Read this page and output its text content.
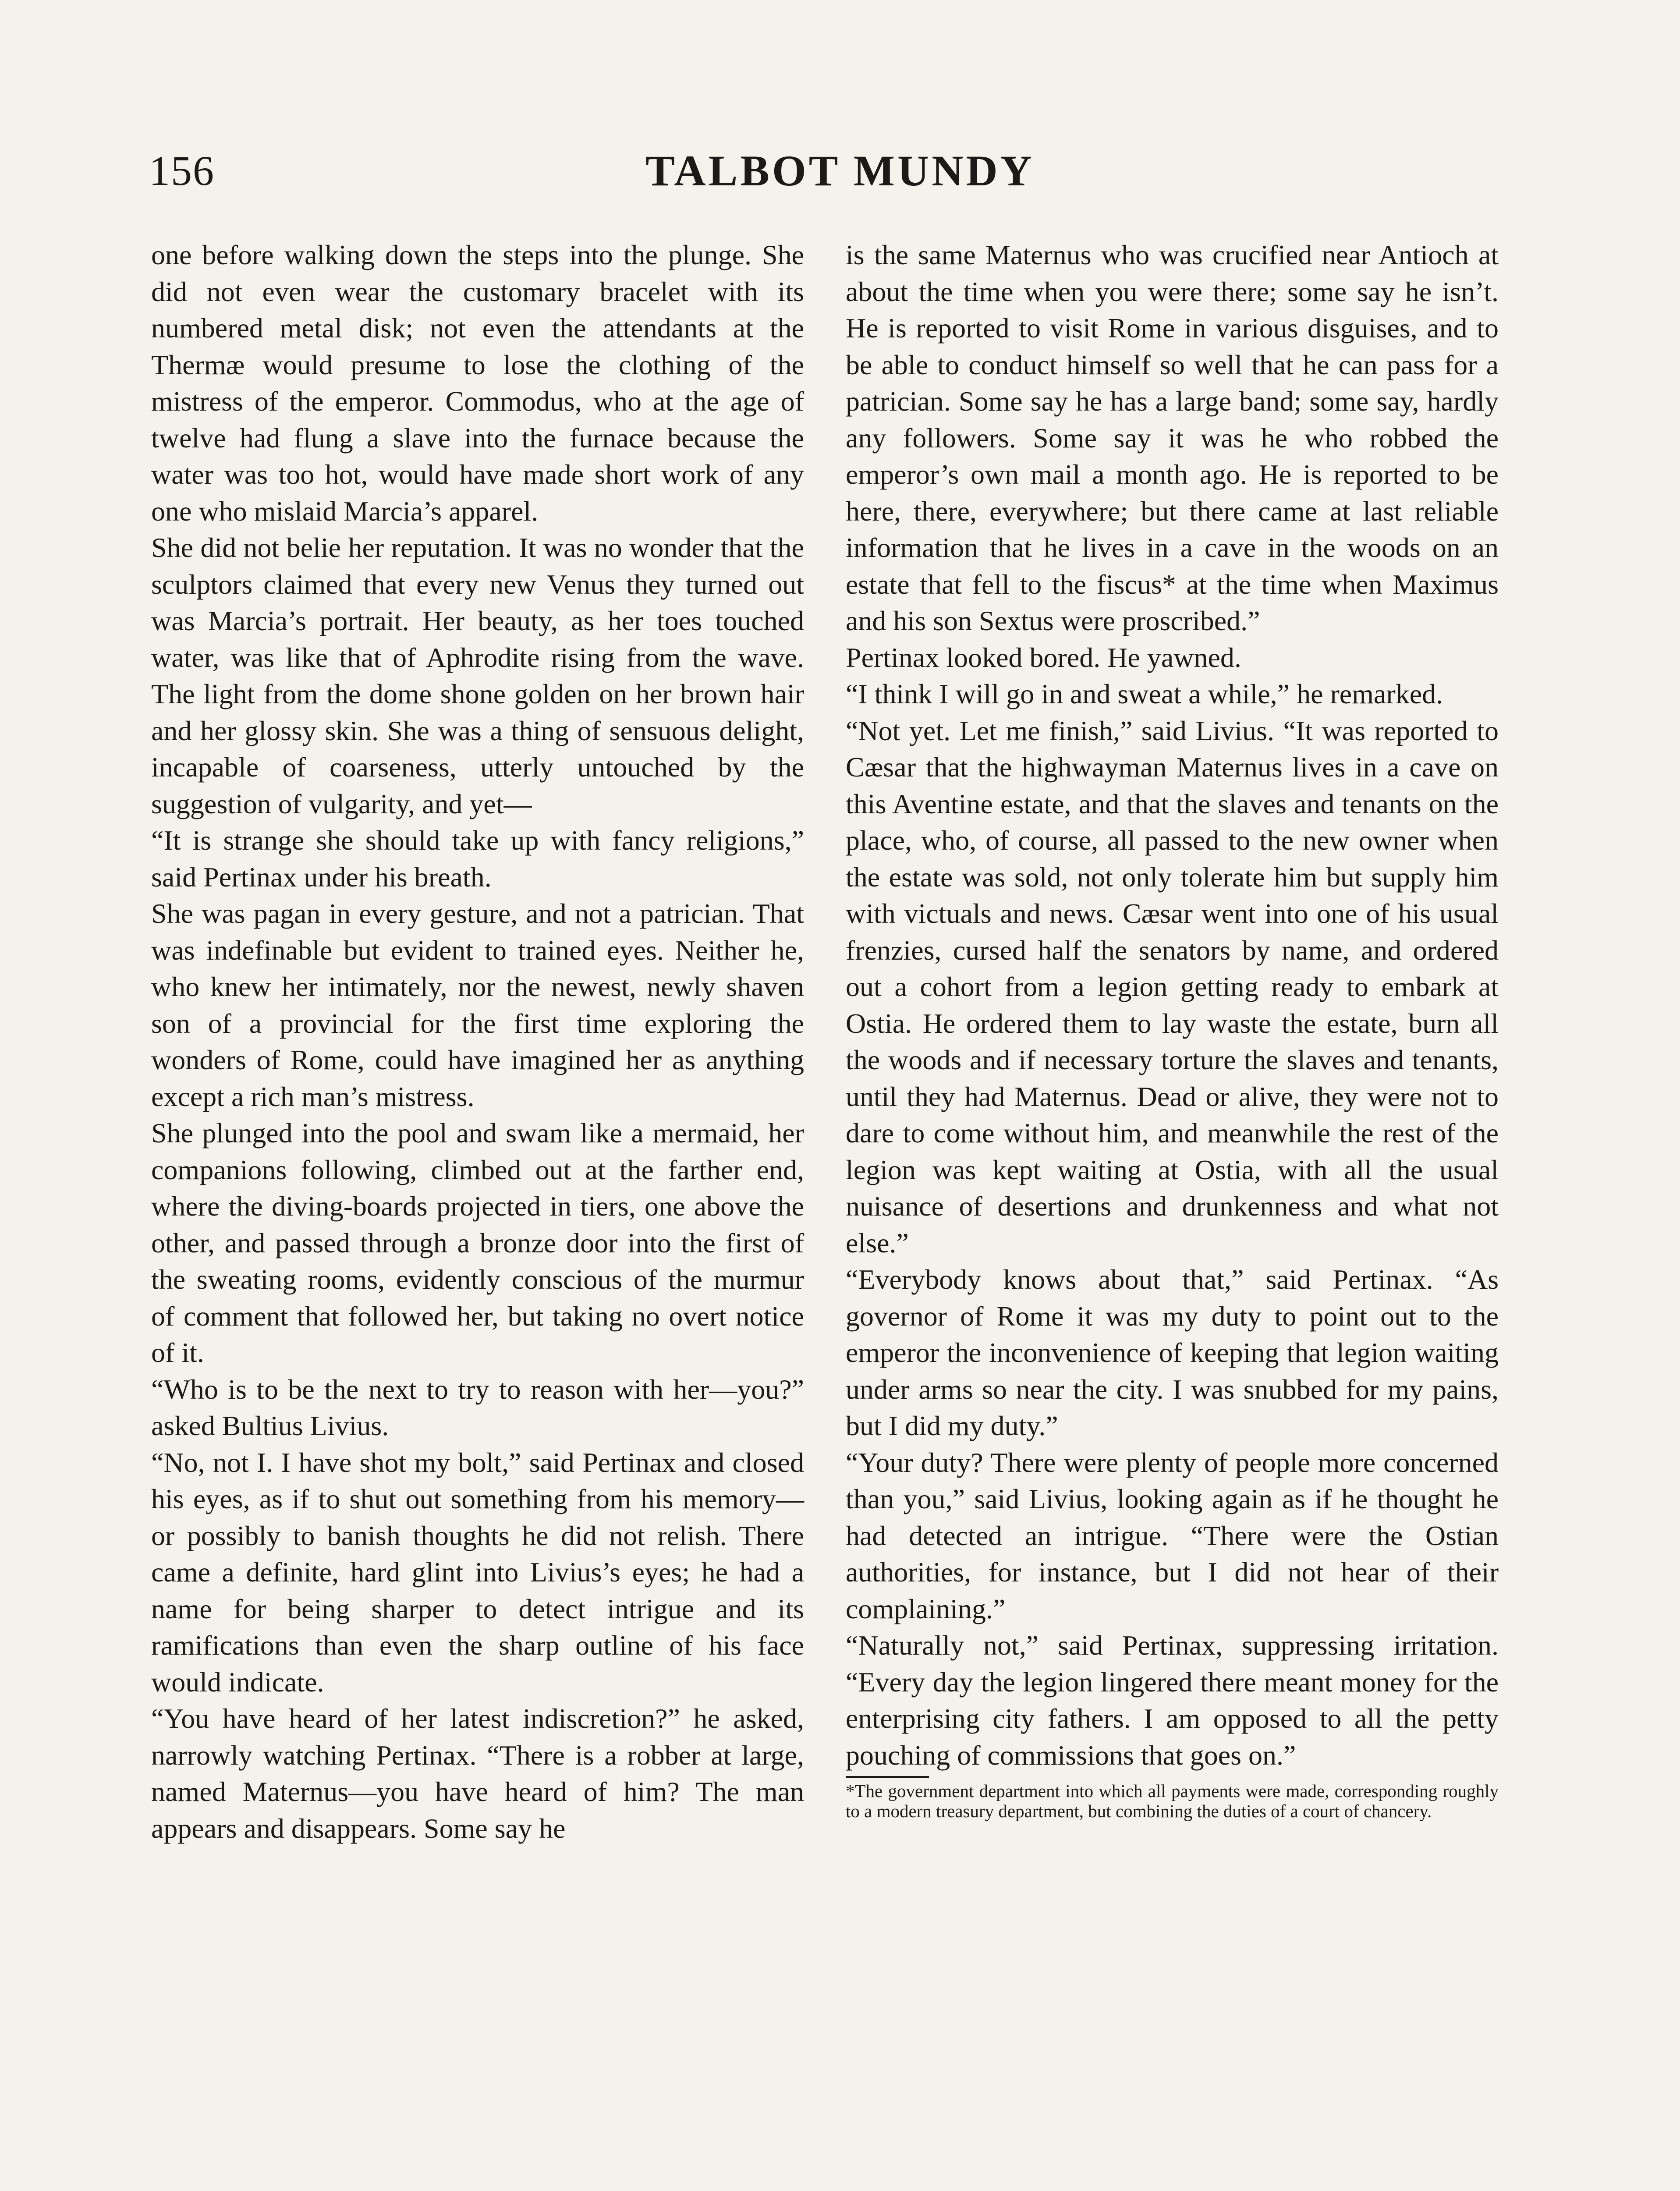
156	TALBOT MUNDY

one before walking down the steps into the plunge. She did not even wear the customary bracelet with its numbered metal disk; not even the attendants at the Thermæ would presume to lose the clothing of the mistress of the emperor. Commodus, who at the age of twelve had flung a slave into the furnace because the water was too hot, would have made short work of any one who mislaid Marcia’s apparel.

She did not belie her reputation. It was no wonder that the sculptors claimed that every new Venus they turned out was Marcia’s portrait. Her beauty, as her toes touched water, was like that of Aphrodite rising from the wave. The light from the dome shone golden on her brown hair and her glossy skin. She was a thing of sensuous delight, incapable of coarseness, utterly untouched by the suggestion of vulgarity, and yet—

“It is strange she should take up with fancy religions,” said Pertinax under his breath.

She was pagan in every gesture, and not a patrician. That was indefinable but evident to trained eyes. Neither he, who knew her intimately, nor the newest, newly shaven son of a provincial for the first time exploring the wonders of Rome, could have imagined her as anything except a rich man’s mistress.

She plunged into the pool and swam like a mermaid, her companions following, climbed out at the farther end, where the diving-boards projected in tiers, one above the other, and passed through a bronze door into the first of the sweating rooms, evidently conscious of the murmur of comment that followed her, but taking no overt notice of it.

“Who is to be the next to try to reason with her—you?” asked Bultius Livius.

“No, not I. I have shot my bolt,” said Pertinax and closed his eyes, as if to shut out something from his memory—or possibly to banish thoughts he did not relish. There came a definite, hard glint into Livius’s eyes; he had a name for being sharper to detect intrigue and its ramifications than even the sharp outline of his face would indicate.

“You have heard of her latest indiscretion?” he asked, narrowly watching Pertinax. “There is a robber at large, named Maternus—you have heard of him? The man appears and disappears. Some say he

is the same Maternus who was crucified near Antioch at about the time when you were there; some say he isn’t. He is reported to visit Rome in various disguises, and to be able to conduct himself so well that he can pass for a patrician. Some say he has a large band; some say, hardly any followers. Some say it was he who robbed the emperor’s own mail a month ago. He is reported to be here, there, everywhere; but there came at last reliable information that he lives in a cave in the woods on an estate that fell to the fiscus* at the time when Maximus and his son Sextus were proscribed.”

Pertinax looked bored. He yawned.

“I think I will go in and sweat a while,” he remarked.

“Not yet. Let me finish,” said Livius. “It was reported to Cæsar that the highwayman Maternus lives in a cave on this Aventine estate, and that the slaves and tenants on the place, who, of course, all passed to the new owner when the estate was sold, not only tolerate him but supply him with victuals and news. Cæsar went into one of his usual frenzies, cursed half the senators by name, and ordered out a cohort from a legion getting ready to embark at Ostia. He ordered them to lay waste the estate, burn all the woods and if necessary torture the slaves and tenants, until they had Maternus. Dead or alive, they were not to dare to come without him, and meanwhile the rest of the legion was kept waiting at Ostia, with all the usual nuisance of desertions and drunkenness and what not else.”

“Everybody knows about that,” said Pertinax. “As governor of Rome it was my duty to point out to the emperor the inconvenience of keeping that legion waiting under arms so near the city. I was snubbed for my pains, but I did my duty.”

“Your duty? There were plenty of people more concerned than you,” said Livius, looking again as if he thought he had detected an intrigue. “There were the Ostian authorities, for instance, but I did not hear of their complaining.”

“Naturally not,” said Pertinax, suppressing irritation. “Every day the legion lingered there meant money for the enterprising city fathers. I am opposed to all the petty pouching of commissions that goes on.”

*The government department into which all payments were made, corresponding roughly to a modern treasury department, but combining the duties of a court of chancery.
